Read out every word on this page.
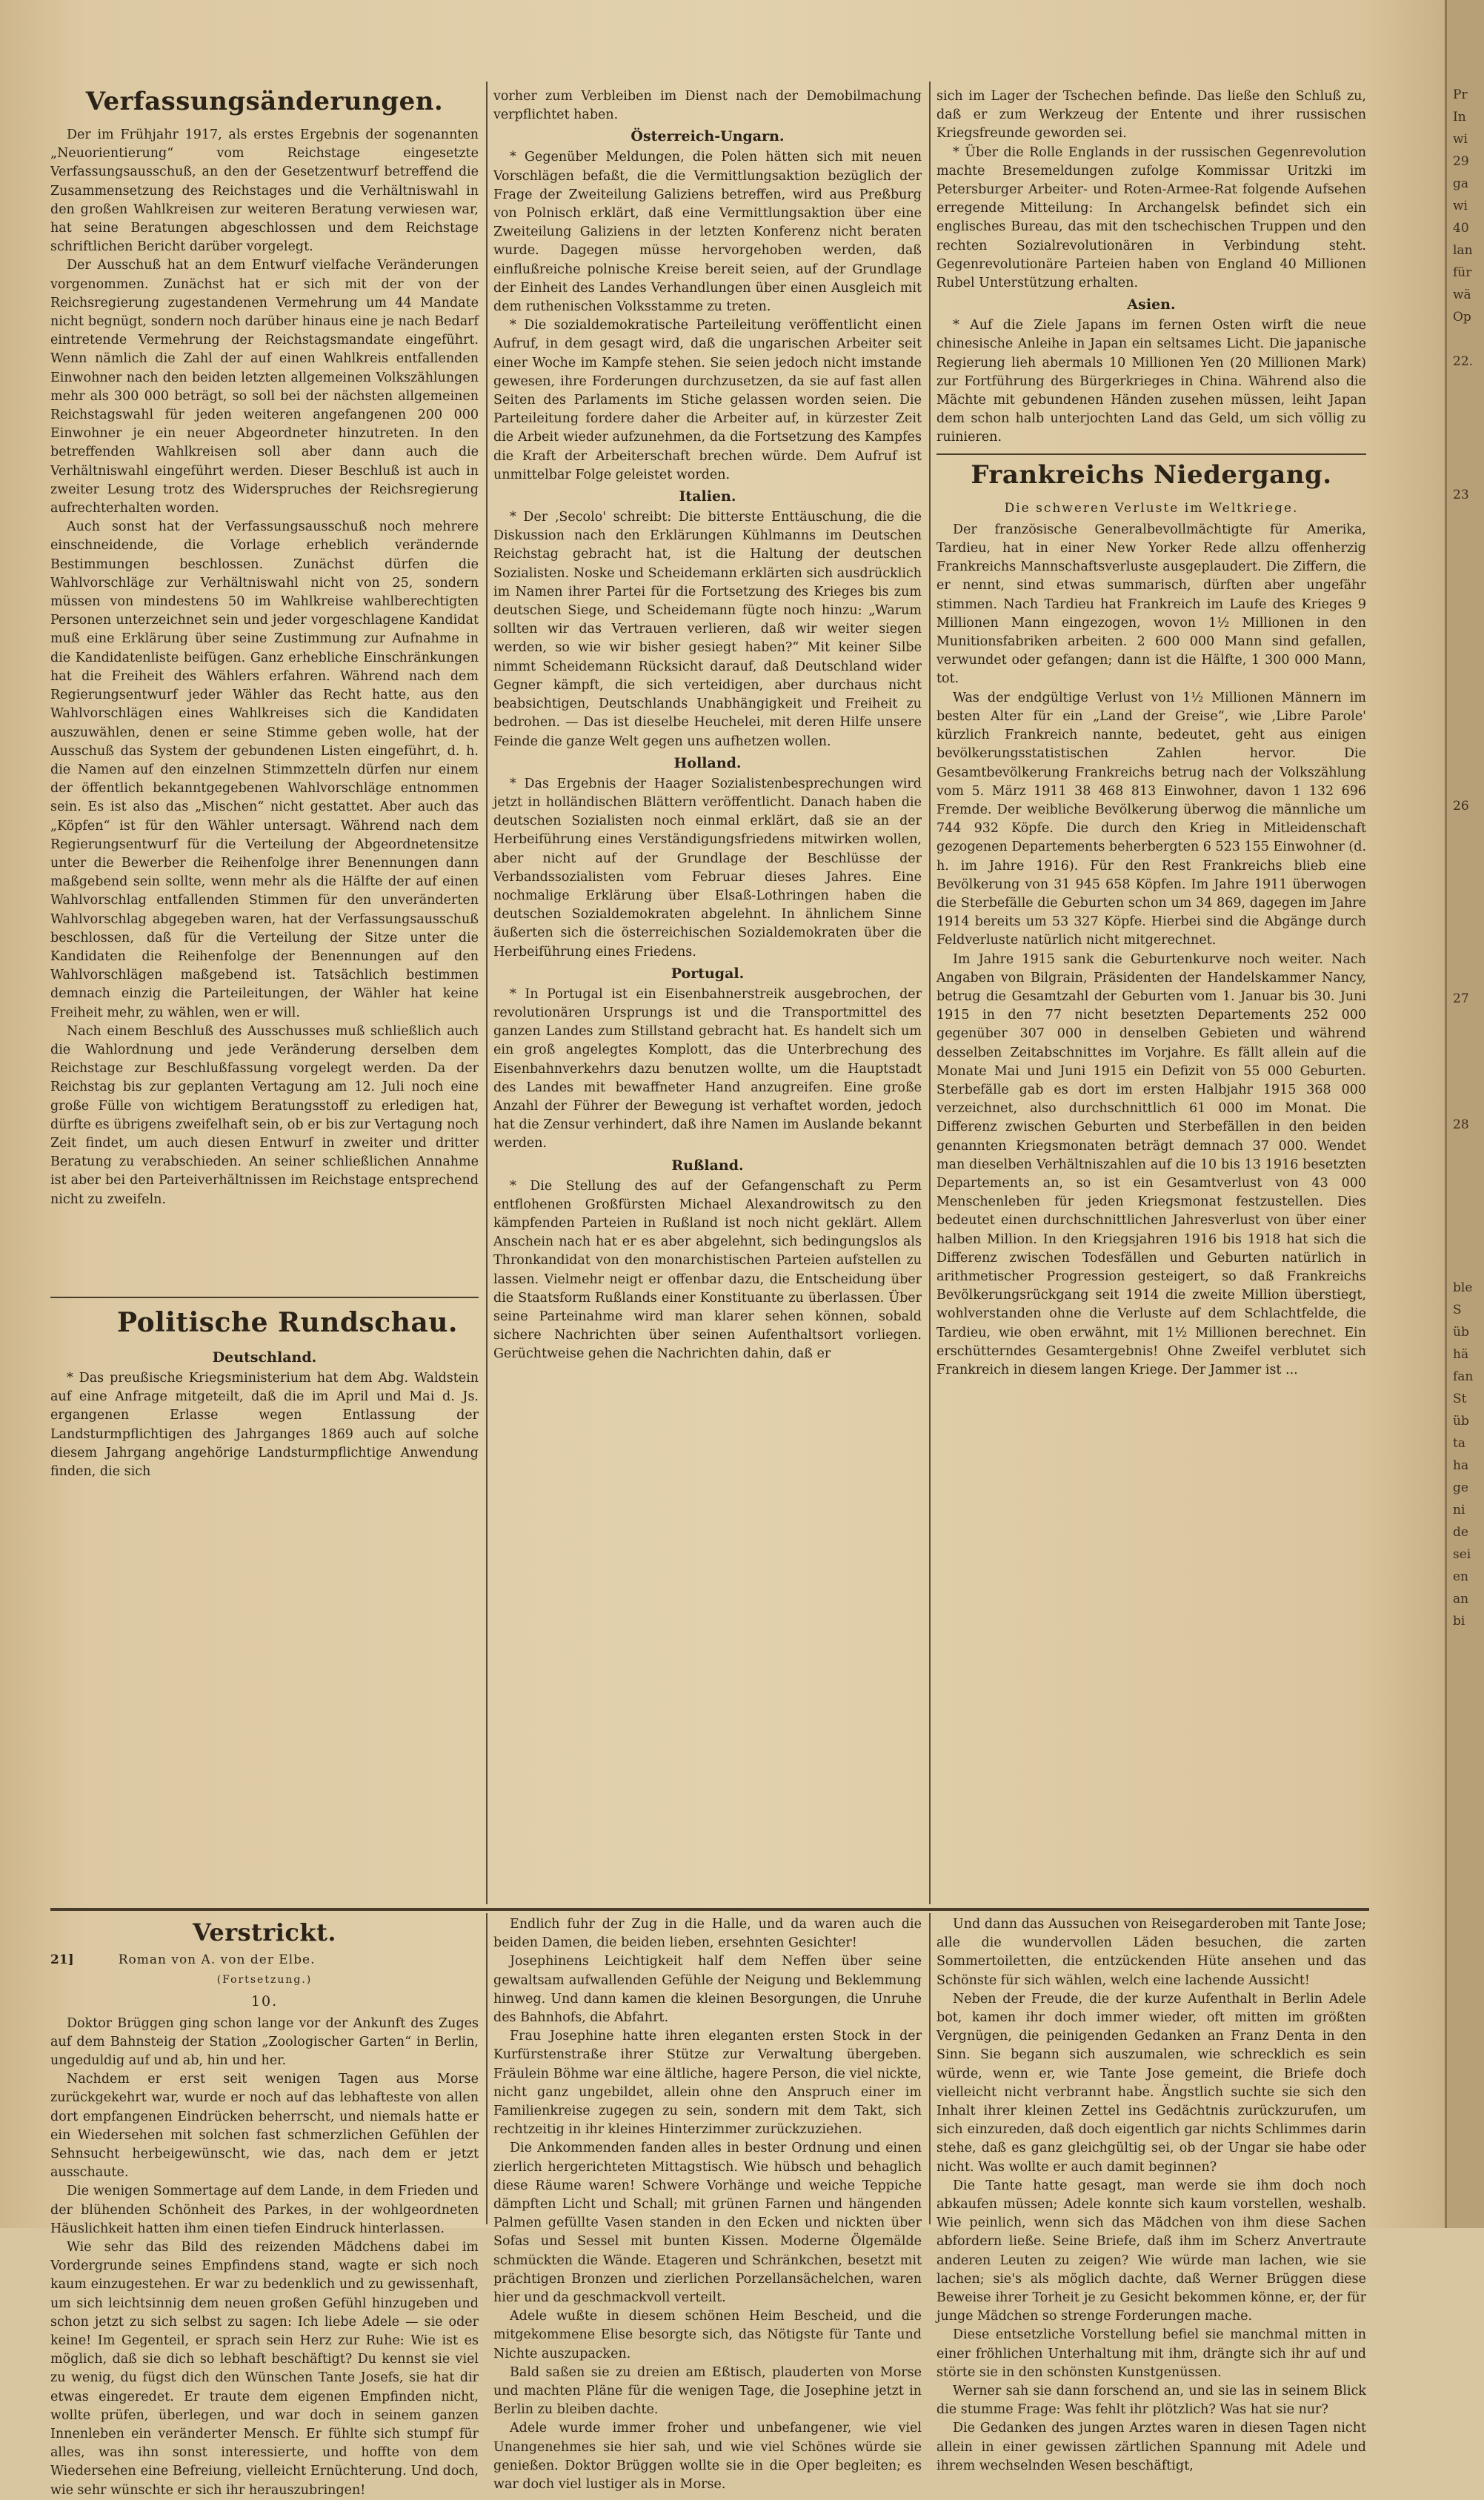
Verfassungsänderungen.

Der im Frühjahr 1917, als erstes Ergebnis der sogenannten „Neuorientierung“ vom Reichstage eingesetzte Verfassungsausschuß, an den der Gesetzentwurf betreffend die Zusammensetzung des Reichstages und die Verhältniswahl in den großen Wahlkreisen zur weiteren Beratung verwiesen war, hat seine Beratungen abgeschlossen und dem Reichstage schriftlichen Bericht darüber vorgelegt.

Der Ausschuß hat an dem Entwurf vielfache Veränderungen vorgenommen. Zunächst hat er sich mit der von der Reichsregierung zugestandenen Vermehrung um 44 Mandate nicht begnügt, sondern noch darüber hinaus eine je nach Bedarf eintretende Vermehrung der Reichstagsmandate eingeführt. Wenn nämlich die Zahl der auf einen Wahlkreis entfallenden Einwohner nach den beiden letzten allgemeinen Volkszählungen mehr als 300 000 beträgt, so soll bei der nächsten allgemeinen Reichstagswahl für jeden weiteren angefangenen 200 000 Einwohner je ein neuer Abgeordneter hinzutreten. In den betreffenden Wahlkreisen soll aber dann auch die Verhältniswahl eingeführt werden. Dieser Beschluß ist auch in zweiter Lesung trotz des Widerspruches der Reichsregierung aufrechterhalten worden.

Auch sonst hat der Verfassungsausschuß noch mehrere einschneidende, die Vorlage erheblich verändernde Bestimmungen beschlossen. Zunächst dürfen die Wahlvorschläge zur Verhältniswahl nicht von 25, sondern müssen von mindestens 50 im Wahlkreise wahlberechtigten Personen unterzeichnet sein und jeder vorgeschlagene Kandidat muß eine Erklärung über seine Zustimmung zur Aufnahme in die Kandidatenliste beifügen. Ganz erhebliche Einschränkungen hat die Freiheit des Wählers erfahren. Während nach dem Regierungsentwurf jeder Wähler das Recht hatte, aus den Wahlvorschlägen eines Wahlkreises sich die Kandidaten auszuwählen, denen er seine Stimme geben wolle, hat der Ausschuß das System der gebundenen Listen eingeführt, d. h. die Namen auf den einzelnen Stimmzetteln dürfen nur einem der öffentlich bekanntgegebenen Wahlvorschläge entnommen sein. Es ist also das „Mischen“ nicht gestattet. Aber auch das „Köpfen“ ist für den Wähler untersagt. Während nach dem Regierungsentwurf für die Verteilung der Abgeordnetensitze unter die Bewerber die Reihenfolge ihrer Benennungen dann maßgebend sein sollte, wenn mehr als die Hälfte der auf einen Wahlvorschlag entfallenden Stimmen für den unveränderten Wahlvorschlag abgegeben waren, hat der Verfassungsausschuß beschlossen, daß für die Verteilung der Sitze unter die Kandidaten die Reihenfolge der Benennungen auf den Wahlvorschlägen maßgebend ist. Tatsächlich bestimmen demnach einzig die Parteileitungen, der Wähler hat keine Freiheit mehr, zu wählen, wen er will.

Nach einem Beschluß des Ausschusses muß schließlich auch die Wahlordnung und jede Veränderung derselben dem Reichstage zur Beschlußfassung vorgelegt werden. Da der Reichstag bis zur geplanten Vertagung am 12. Juli noch eine große Fülle von wichtigem Beratungsstoff zu erledigen hat, dürfte es übrigens zweifelhaft sein, ob er bis zur Vertagung noch Zeit findet, um auch diesen Entwurf in zweiter und dritter Beratung zu verabschieden. An seiner schließlichen Annahme ist aber bei den Parteiverhältnissen im Reichstage entsprechend nicht zu zweifeln.

Politische Rundschau.
Deutschland.

* Das preußische Kriegsministerium hat dem Abg. Waldstein auf eine Anfrage mitgeteilt, daß die im April und Mai d. Js. ergangenen Erlasse wegen Entlassung der Landsturmpflichtigen des Jahrganges 1869 auch auf solche diesem Jahrgang angehörige Landsturmpflichtige Anwendung finden, die sich

vorher zum Verbleiben im Dienst nach der Demobilmachung verpflichtet haben.

Österreich-Ungarn.

* Gegenüber Meldungen, die Polen hätten sich mit neuen Vorschlägen befaßt, die die Vermittlungsaktion bezüglich der Frage der Zweiteilung Galiziens betreffen, wird aus Preßburg von Polnisch erklärt, daß eine Vermittlungsaktion über eine Zweiteilung Galiziens in der letzten Konferenz nicht beraten wurde. Dagegen müsse hervorgehoben werden, daß einflußreiche polnische Kreise bereit seien, auf der Grundlage der Einheit des Landes Verhandlungen über einen Ausgleich mit dem ruthenischen Volksstamme zu treten.

* Die sozialdemokratische Parteileitung veröffentlicht einen Aufruf, in dem gesagt wird, daß die ungarischen Arbeiter seit einer Woche im Kampfe stehen. Sie seien jedoch nicht imstande gewesen, ihre Forderungen durchzusetzen, da sie auf fast allen Seiten des Parlaments im Stiche gelassen worden seien. Die Parteileitung fordere daher die Arbeiter auf, in kürzester Zeit die Arbeit wieder aufzunehmen, da die Fortsetzung des Kampfes die Kraft der Arbeiterschaft brechen würde. Dem Aufruf ist unmittelbar Folge geleistet worden.

Italien.

* Der ‚Secolo' schreibt: Die bitterste Enttäuschung, die die Diskussion nach den Erklärungen Kühlmanns im Deutschen Reichstag gebracht hat, ist die Haltung der deutschen Sozialisten. Noske und Scheidemann erklärten sich ausdrücklich im Namen ihrer Partei für die Fortsetzung des Krieges bis zum deutschen Siege, und Scheidemann fügte noch hinzu: „Warum sollten wir das Vertrauen verlieren, daß wir weiter siegen werden, so wie wir bisher gesiegt haben?“ Mit keiner Silbe nimmt Scheidemann Rücksicht darauf, daß Deutschland wider Gegner kämpft, die sich verteidigen, aber durchaus nicht beabsichtigen, Deutschlands Unabhängigkeit und Freiheit zu bedrohen. — Das ist dieselbe Heuchelei, mit deren Hilfe unsere Feinde die ganze Welt gegen uns aufhetzen wollen.

Holland.

* Das Ergebnis der Haager Sozialistenbesprechungen wird jetzt in holländischen Blättern veröffentlicht. Danach haben die deutschen Sozialisten noch einmal erklärt, daß sie an der Herbeiführung eines Verständigungsfriedens mitwirken wollen, aber nicht auf der Grundlage der Beschlüsse der Verbandssozialisten vom Februar dieses Jahres. Eine nochmalige Erklärung über Elsaß-Lothringen haben die deutschen Sozialdemokraten abgelehnt. In ähnlichem Sinne äußerten sich die österreichischen Sozialdemokraten über die Herbeiführung eines Friedens.

Portugal.

* In Portugal ist ein Eisenbahnerstreik ausgebrochen, der revolutionären Ursprungs ist und die Transportmittel des ganzen Landes zum Stillstand gebracht hat. Es handelt sich um ein groß angelegtes Komplott, das die Unterbrechung des Eisenbahnverkehrs dazu benutzen wollte, um die Hauptstadt des Landes mit bewaffneter Hand anzugreifen. Eine große Anzahl der Führer der Bewegung ist verhaftet worden, jedoch hat die Zensur verhindert, daß ihre Namen im Auslande bekannt werden.

Rußland.

* Die Stellung des auf der Gefangenschaft zu Perm entflohenen Großfürsten Michael Alexandrowitsch zu den kämpfenden Parteien in Rußland ist noch nicht geklärt. Allem Anschein nach hat er es aber abgelehnt, sich bedingungslos als Thronkandidat von den monarchistischen Parteien aufstellen zu lassen. Vielmehr neigt er offenbar dazu, die Entscheidung über die Staatsform Rußlands einer Konstituante zu überlassen. Über seine Parteinahme wird man klarer sehen können, sobald sichere Nachrichten über seinen Aufenthaltsort vorliegen. Gerüchtweise gehen die Nachrichten dahin, daß er

sich im Lager der Tschechen befinde. Das ließe den Schluß zu, daß er zum Werkzeug der Entente und ihrer russischen Kriegsfreunde geworden sei.

* Über die Rolle Englands in der russischen Gegenrevolution machte Bresemeldungen zufolge Kommissar Uritzki im Petersburger Arbeiter- und Roten-Armee-Rat folgende Aufsehen erregende Mitteilung: In Archangelsk befindet sich ein englisches Bureau, das mit den tschechischen Truppen und den rechten Sozialrevolutionären in Verbindung steht. Gegenrevolutionäre Parteien haben von England 40 Millionen Rubel Unterstützung erhalten.

Asien.

* Auf die Ziele Japans im fernen Osten wirft die neue chinesische Anleihe in Japan ein seltsames Licht. Die japanische Regierung lieh abermals 10 Millionen Yen (20 Millionen Mark) zur Fortführung des Bürgerkrieges in China. Während also die Mächte mit gebundenen Händen zusehen müssen, leiht Japan dem schon halb unterjochten Land das Geld, um sich völlig zu ruinieren.

Frankreichs Niedergang.
Die schweren Verluste im Weltkriege.

Der französische Generalbevollmächtigte für Amerika, Tardieu, hat in einer New Yorker Rede allzu offenherzig Frankreichs Mannschaftsverluste ausgeplaudert. Die Ziffern, die er nennt, sind etwas summarisch, dürften aber ungefähr stimmen. Nach Tardieu hat Frankreich im Laufe des Krieges 9 Millionen Mann eingezogen, wovon 1½ Millionen in den Munitionsfabriken arbeiten. 2 600 000 Mann sind gefallen, verwundet oder gefangen; dann ist die Hälfte, 1 300 000 Mann, tot.

Was der endgültige Verlust von 1½ Millionen Männern im besten Alter für ein „Land der Greise“, wie ‚Libre Parole' kürzlich Frankreich nannte, bedeutet, geht aus einigen bevölkerungsstatistischen Zahlen hervor. Die Gesamtbevölkerung Frankreichs betrug nach der Volkszählung vom 5. März 1911 38 468 813 Einwohner, davon 1 132 696 Fremde. Der weibliche Bevölkerung überwog die männliche um 744 932 Köpfe. Die durch den Krieg in Mitleidenschaft gezogenen Departements beherbergten 6 523 155 Einwohner (d. h. im Jahre 1916). Für den Rest Frankreichs blieb eine Bevölkerung von 31 945 658 Köpfen. Im Jahre 1911 überwogen die Sterbefälle die Geburten schon um 34 869, dagegen im Jahre 1914 bereits um 53 327 Köpfe. Hierbei sind die Abgänge durch Feldverluste natürlich nicht mitgerechnet.

Im Jahre 1915 sank die Geburtenkurve noch weiter. Nach Angaben von Bilgrain, Präsidenten der Handelskammer Nancy, betrug die Gesamtzahl der Geburten vom 1. Januar bis 30. Juni 1915 in den 77 nicht besetzten Departements 252 000 gegenüber 307 000 in denselben Gebieten und während desselben Zeitabschnittes im Vorjahre. Es fällt allein auf die Monate Mai und Juni 1915 ein Defizit von 55 000 Geburten. Sterbefälle gab es dort im ersten Halbjahr 1915 368 000 verzeichnet, also durchschnittlich 61 000 im Monat. Die Differenz zwischen Geburten und Sterbefällen in den beiden genannten Kriegsmonaten beträgt demnach 37 000. Wendet man dieselben Verhältniszahlen auf die 10 bis 13 1916 besetzten Departements an, so ist ein Gesamtverlust von 43 000 Menschenleben für jeden Kriegsmonat festzustellen. Dies bedeutet einen durchschnittlichen Jahresverlust von über einer halben Million. In den Kriegsjahren 1916 bis 1918 hat sich die Differenz zwischen Todesfällen und Geburten natürlich in arithmetischer Progression gesteigert, so daß Frankreichs Bevölkerungsrückgang seit 1914 die zweite Million überstiegt, wohlverstanden ohne die Verluste auf dem Schlachtfelde, die Tardieu, wie oben erwähnt, mit 1½ Millionen berechnet. Ein erschütterndes Gesamtergebnis! Ohne Zweifel verblutet sich Frankreich in diesem langen Kriege. Der Jammer ist ...

Verstrickt.
21]	Roman von A. von der Elbe.
(Fortsetzung.)
10.

Doktor Brüggen ging schon lange vor der Ankunft des Zuges auf dem Bahnsteig der Station „Zoologischer Garten“ in Berlin, ungeduldig auf und ab, hin und her.

Nachdem er erst seit wenigen Tagen aus Morse zurückgekehrt war, wurde er noch auf das lebhafteste von allen dort empfangenen Eindrücken beherrscht, und niemals hatte er ein Wiedersehen mit solchen fast schmerzlichen Gefühlen der Sehnsucht herbeigewünscht, wie das, nach dem er jetzt ausschaute.

Die wenigen Sommertage auf dem Lande, in dem Frieden und der blühenden Schönheit des Parkes, in der wohlgeordneten Häuslichkeit hatten ihm einen tiefen Eindruck hinterlassen.

Wie sehr das Bild des reizenden Mädchens dabei im Vordergrunde seines Empfindens stand, wagte er sich noch kaum einzugestehen. Er war zu bedenklich und zu gewissenhaft, um sich leichtsinnig dem neuen großen Gefühl hinzugeben und schon jetzt zu sich selbst zu sagen: Ich liebe Adele — sie oder keine! Im Gegenteil, er sprach sein Herz zur Ruhe: Wie ist es möglich, daß sie dich so lebhaft beschäftigt? Du kennst sie viel zu wenig, du fügst dich den Wünschen Tante Josefs, sie hat dir etwas eingeredet. Er traute dem eigenen Empfinden nicht, wollte prüfen, überlegen, und war doch in seinem ganzen Innenleben ein veränderter Mensch. Er fühlte sich stumpf für alles, was ihn sonst interessierte, und hoffte von dem Wiedersehen eine Befreiung, vielleicht Ernüchterung. Und doch, wie sehr wünschte er sich ihr herauszubringen!

Endlich fuhr der Zug in die Halle, und da waren auch die beiden Damen, die beiden lieben, ersehnten Gesichter!

Josephinens Leichtigkeit half dem Neffen über seine gewaltsam aufwallenden Gefühle der Neigung und Beklemmung hinweg. Und dann kamen die kleinen Besorgungen, die Unruhe des Bahnhofs, die Abfahrt.

Frau Josephine hatte ihren eleganten ersten Stock in der Kurfürstenstraße ihrer Stütze zur Verwaltung übergeben. Fräulein Böhme war eine ältliche, hagere Person, die viel nickte, nicht ganz ungebildet, allein ohne den Anspruch einer im Familienkreise zugegen zu sein, sondern mit dem Takt, sich rechtzeitig in ihr kleines Hinterzimmer zurückzuziehen.

Die Ankommenden fanden alles in bester Ordnung und einen zierlich hergerichteten Mittagstisch. Wie hübsch und behaglich diese Räume waren! Schwere Vorhänge und weiche Teppiche dämpften Licht und Schall; mit grünen Farnen und hängenden Palmen gefüllte Vasen standen in den Ecken und nickten über Sofas und Sessel mit bunten Kissen. Moderne Ölgemälde schmückten die Wände. Etageren und Schränkchen, besetzt mit prächtigen Bronzen und zierlichen Porzellansächelchen, waren hier und da geschmackvoll verteilt.

Adele wußte in diesem schönen Heim Bescheid, und die mitgekommene Elise besorgte sich, das Nötigste für Tante und Nichte auszupacken.

Bald saßen sie zu dreien am Eßtisch, plauderten von Morse und machten Pläne für die wenigen Tage, die Josephine jetzt in Berlin zu bleiben dachte.

Adele wurde immer froher und unbefangener, wie viel Unangenehmes sie hier sah, und wie viel Schönes würde sie genießen. Doktor Brüggen wollte sie in die Oper begleiten; es war doch viel lustiger als in Morse.

Und dann das Aussuchen von Reisegarderoben mit Tante Jose; alle die wundervollen Läden besuchen, die zarten Sommertoiletten, die entzückenden Hüte ansehen und das Schönste für sich wählen, welch eine lachende Aussicht!

Neben der Freude, die der kurze Aufenthalt in Berlin Adele bot, kamen ihr doch immer wieder, oft mitten im größten Vergnügen, die peinigenden Gedanken an Franz Denta in den Sinn. Sie begann sich auszumalen, wie schrecklich es sein würde, wenn er, wie Tante Jose gemeint, die Briefe doch vielleicht nicht verbrannt habe. Ängstlich suchte sie sich den Inhalt ihrer kleinen Zettel ins Gedächtnis zurückzurufen, um sich einzureden, daß doch eigentlich gar nichts Schlimmes darin stehe, daß es ganz gleichgültig sei, ob der Ungar sie habe oder nicht. Was wollte er auch damit beginnen?

Die Tante hatte gesagt, man werde sie ihm doch noch abkaufen müssen; Adele konnte sich kaum vorstellen, weshalb. Wie peinlich, wenn sich das Mädchen von ihm diese Sachen abfordern ließe. Seine Briefe, daß ihm im Scherz Anvertraute anderen Leuten zu zeigen? Wie würde man lachen, wie sie lachen; sie's als möglich dachte, daß Werner Brüggen diese Beweise ihrer Torheit je zu Gesicht bekommen könne, er, der für junge Mädchen so strenge Forderungen mache.

Diese entsetzliche Vorstellung befiel sie manchmal mitten in einer fröhlichen Unterhaltung mit ihm, drängte sich ihr auf und störte sie in den schönsten Kunstgenüssen.

Werner sah sie dann forschend an, und sie las in seinem Blick die stumme Frage: Was fehlt ihr plötzlich? Was hat sie nur?

Die Gedanken des jungen Arztes waren in diesen Tagen nicht allein in einer gewissen zärtlichen Spannung mit Adele und ihrem wechselnden Wesen beschäftigt,

Pr
In
wi
29
ga
wi
40
lan
für
wä
Op
22.
23
26
27
28
ble
S
üb
hä
fan
St
üb
ta
ha
ge
ni
de
sei
en
an
bi
